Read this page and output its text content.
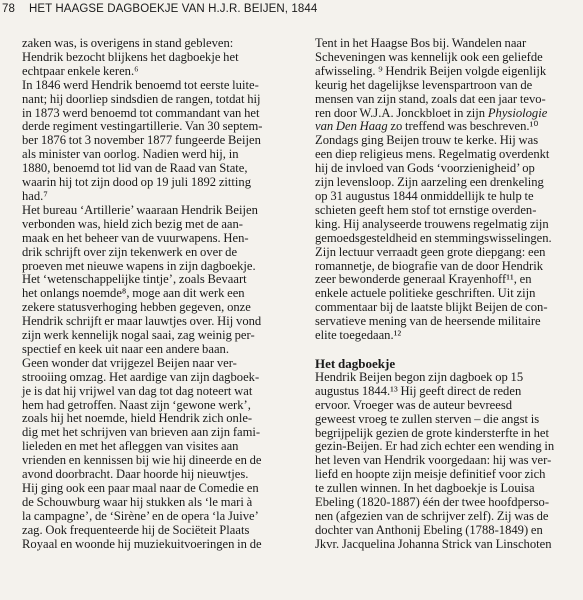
78 HET HAAGSE DAGBOEKJE VAN H.J.R. BEIJEN, 1844

zaken was, is overigens in stand gebleven:

Hendrik bezocht blijkens het dagboekje het

echtpaar enkele keren.⁶

In 1846 werd Hendrik benoemd tot eerste luite-

nant; hij doorliep sindsdien de rangen, totdat hij

in 1873 werd benoemd tot commandant van het

derde regiment vestingartillerie. Van 30 septem-

ber 1876 tot 3 november 1877 fungeerde Beijen

als minister van oorlog. Nadien werd hij, in

1880, benoemd tot lid van de Raad van State,

waarin hij tot zijn dood op 19 juli 1892 zitting

had.⁷

Het bureau ‘Artillerie’ waaraan Hendrik Beijen

verbonden was, hield zich bezig met de aan-

maak en het beheer van de vuurwapens. Hen-

drik schrijft over zijn tekenwerk en over de

proeven met nieuwe wapens in zijn dagboekje.

Het ‘wetenschappelijke tintje’, zoals Bevaart

het onlangs noemde⁸, moge aan dit werk een

zekere statusverhoging hebben gegeven, onze

Hendrik schrijft er maar lauwtjes over. Hij vond

zijn werk kennelijk nogal saai, zag weinig per-

spectief en keek uit naar een andere baan.

Geen wonder dat vrijgezel Beijen naar ver-

strooiing omzag. Het aardige van zijn dagboek-

je is dat hij vrijwel van dag tot dag noteert wat

hem had getroffen. Naast zijn ‘gewone werk’,

zoals hij het noemde, hield Hendrik zich onle-

dig met het schrijven van brieven aan zijn fami-

lieleden en met het afleggen van visites aan

vrienden en kennissen bij wie hij dineerde en de

avond doorbracht. Daar hoorde hij nieuwtjes.

Hij ging ook een paar maal naar de Comedie en

de Schouwburg waar hij stukken als ‘le mari à

la campagne’, de ‘Sirène’ en de opera ‘la Juive’

zag. Ook frequenteerde hij de Sociëteit Plaats

Royaal en woonde hij muziekuitvoeringen in de

Tent in het Haagse Bos bij. Wandelen naar

Scheveningen was kennelijk ook een geliefde

afwisseling. ⁹ Hendrik Beijen volgde eigenlijk

keurig het dagelijkse levenspartroon van de

mensen van zijn stand, zoals dat een jaar tevo-

ren door W.J.A. Jonckbloet in zijn Physiologie

van Den Haag zo treffend was beschreven.¹⁰

Zondags ging Beijen trouw te kerke. Hij was

een diep religieus mens. Regelmatig overdenkt

hij de invloed van Gods ‘voorzienigheid’ op

zijn levensloop. Zijn aarzeling een drenkeling

op 31 augustus 1844 onmiddellijk te hulp te

schieten geeft hem stof tot ernstige overden-

king. Hij analyseerde trouwens regelmatig zijn

gemoedsgesteldheid en stemmingswisselingen.

Zijn lectuur verraadt geen grote diepgang: een

romannetje, de biografie van de door Hendrik

zeer bewonderde generaal Krayenhoff¹¹, en

enkele actuele politieke geschriften. Uit zijn

commentaar bij de laatste blijkt Beijen de con-

servatieve mening van de heersende militaire

elite toegedaan.¹²

Het dagboekje

Hendrik Beijen begon zijn dagboek op 15

augustus 1844.¹³ Hij geeft direct de reden

ervoor. Vroeger was de auteur bevreesd

geweest vroeg te zullen sterven – die angst is

begrijpelijk gezien de grote kindersterfte in het

gezin-Beijen. Er had zich echter een wending in

het leven van Hendrik voorgedaan: hij was ver-

liefd en hoopte zijn meisje definitief voor zich

te zullen winnen. In het dagboekje is Louisa

Ebeling (1820-1887) één der twee hoofdperso-

nen (afgezien van de schrijver zelf). Zij was de

dochter van Anthonij Ebeling (1788-1849) en

Jkvr. Jacquelina Johanna Strick van Linschoten
